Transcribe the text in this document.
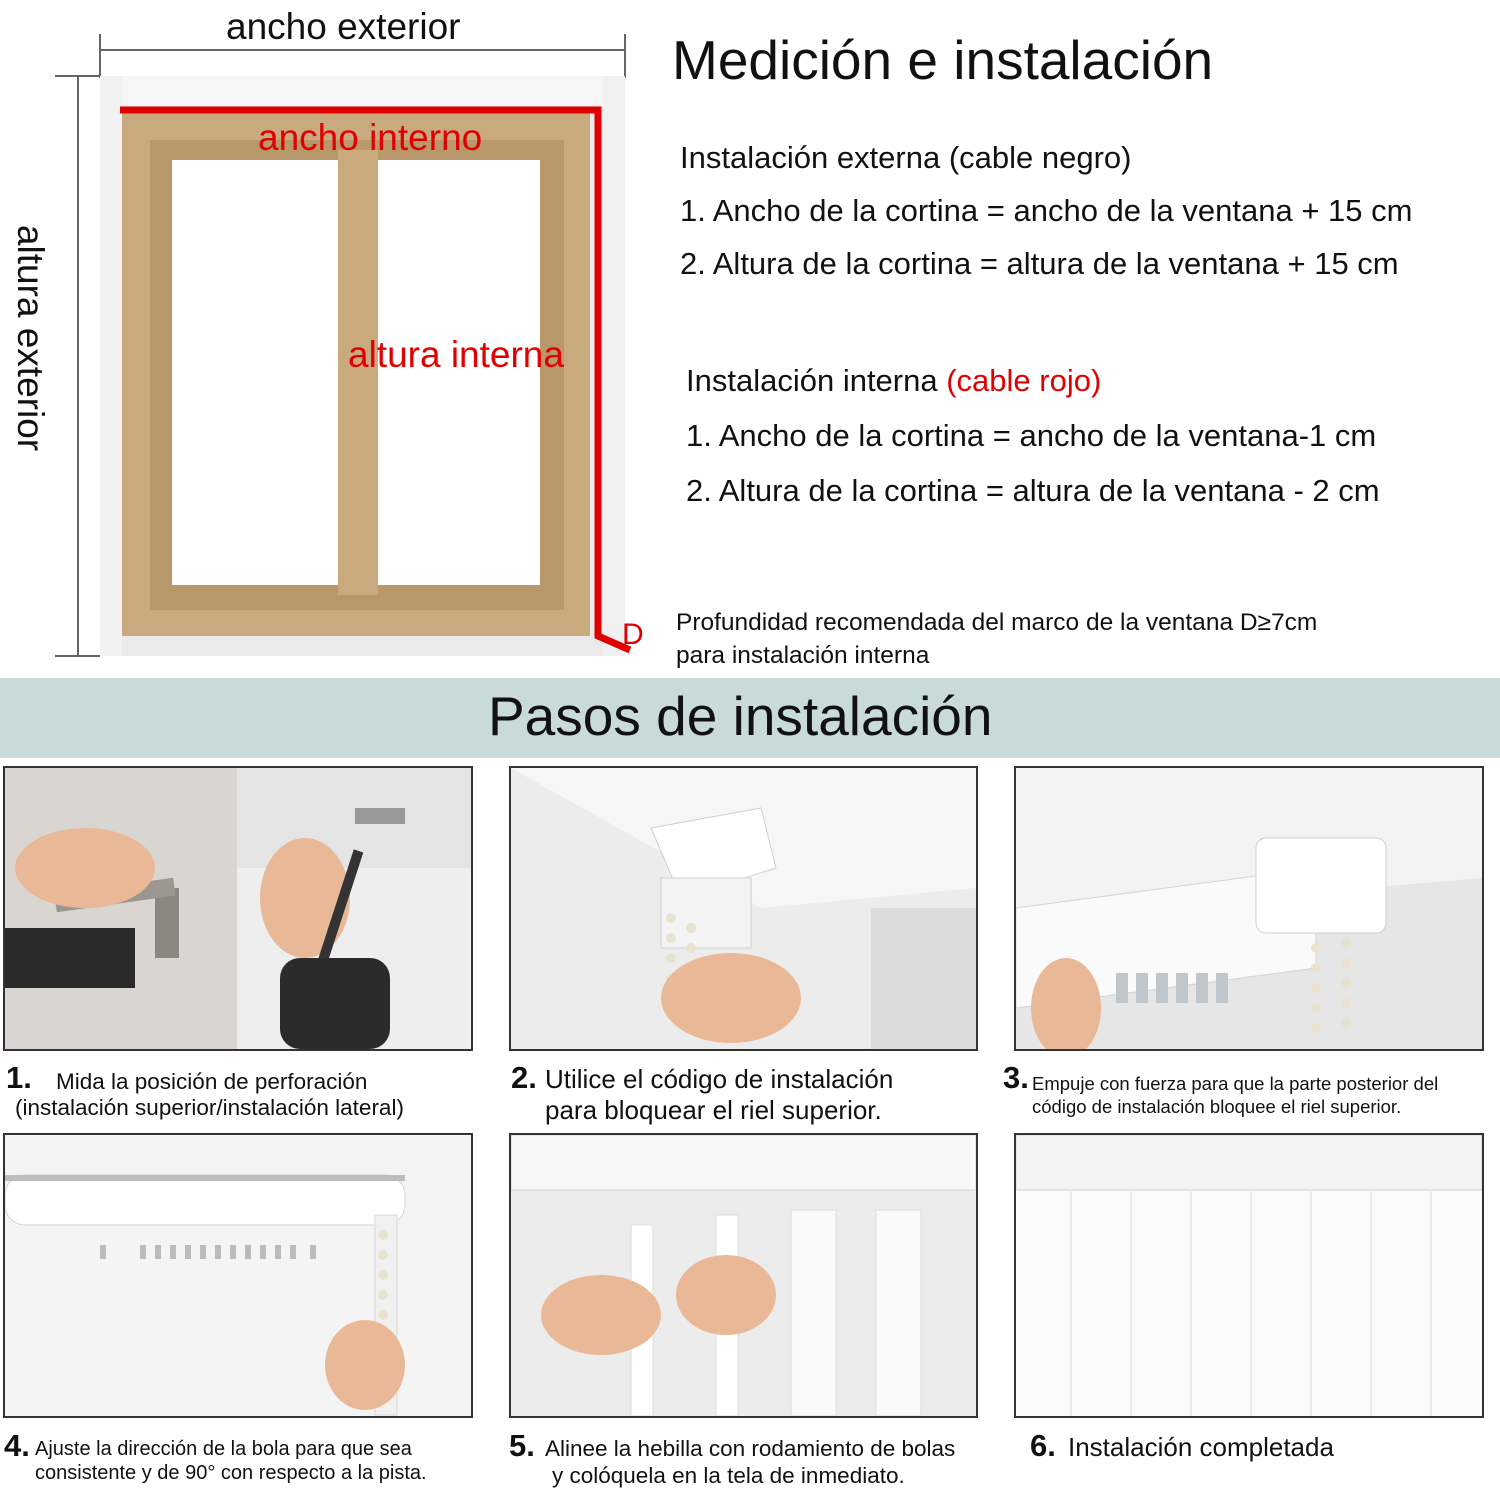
ancho exterior
ancho interno
altura interna
altura exterior
D
Medición e instalación
Instalación externa (cable negro)
1. Ancho de la cortina = ancho de la ventana + 15 cm
2. Altura de la cortina = altura de la ventana + 15 cm
Instalación interna (cable rojo)
1. Ancho de la cortina = ancho de la ventana-1 cm
2. Altura de la cortina = altura de la ventana - 2 cm
Profundidad recomendada del marco de la ventana D≥7cm
para instalación interna
Pasos de instalación
1. Mida la posición de perforación
(instalación superior/instalación lateral)
2. Utilice el código de instalación
para bloquear el riel superior.
3. Empuje con fuerza para que la parte posterior del
código de instalación bloquee el riel superior.
4. Ajuste la dirección de la bola para que sea
consistente y de 90° con respecto a la pista.
5. Alinee la hebilla con rodamiento de bolas
y colóquela en la tela de inmediato.
6. Instalación completada
